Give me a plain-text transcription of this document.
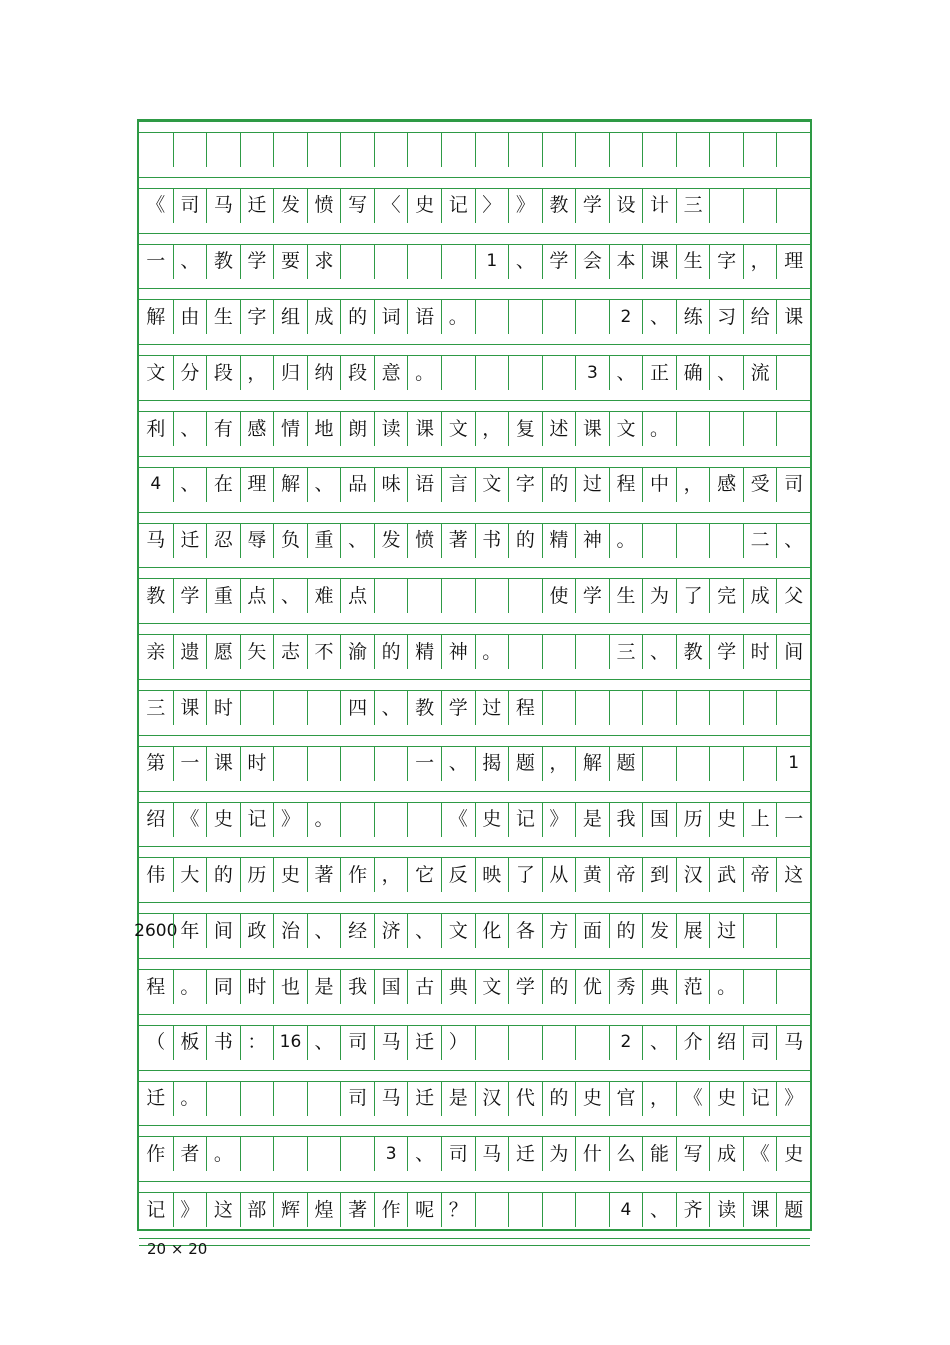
《 司 马 迁 发 愤 写 〈 史 记 〉 》 教 学 设 计 三
一 、 教 学 要 求	1 、 学 会 本 课 生 字 ， 理
解 由 生 字 组 成 的 词 语 。	2 、 练 习 给 课
文 分 段 ， 归 纳 段 意 。	3 、 正 确 、 流
利 、 有 感 情 地 朗 读 课 文 ， 复 述 课 文 。
4	、 在 理 解 、 品 味 语 言 文 字 的 过 程 中 ， 感 受 司
马 迁 忍 辱 负 重 、 发 愤 著 书 的 精 神 。	二 、
教 学 重 点 、 难 点	使 学 生 为 了 完 成 父
亲 遗 愿 矢 志 不 渝 的 精 神 。	三 、 教 学 时 间
三 课 时	四 、 教 学 过 程
第 一 课 时	一 、 揭 题 ， 解 题	1
绍 《 史 记 》 。	《 史 记 》 是 我 国 历 史 上 一
伟 大 的 历 史 著 作 ， 它 反 映 了 从 黄 帝 到 汉 武 帝 这
2600 年 间 政 治 、 经 济 、 文 化 各 方 面 的 发 展 过
程 。 同 时 也 是 我 国 古 典 文 学 的 优 秀 典 范 。
（ 板 书 ： 16 、 司 马 迁 ）	2 、 介 绍 司 马
迁 。	司 马 迁 是 汉 代 的 史 官 ， 《 史 记 》
作 者 。	3 、 司 马 迁 为 什 么 能 写 成 《 史
记 》 这 部 辉 煌 著 作 呢 ？	4 、 齐 读 课 题
20 × 20
